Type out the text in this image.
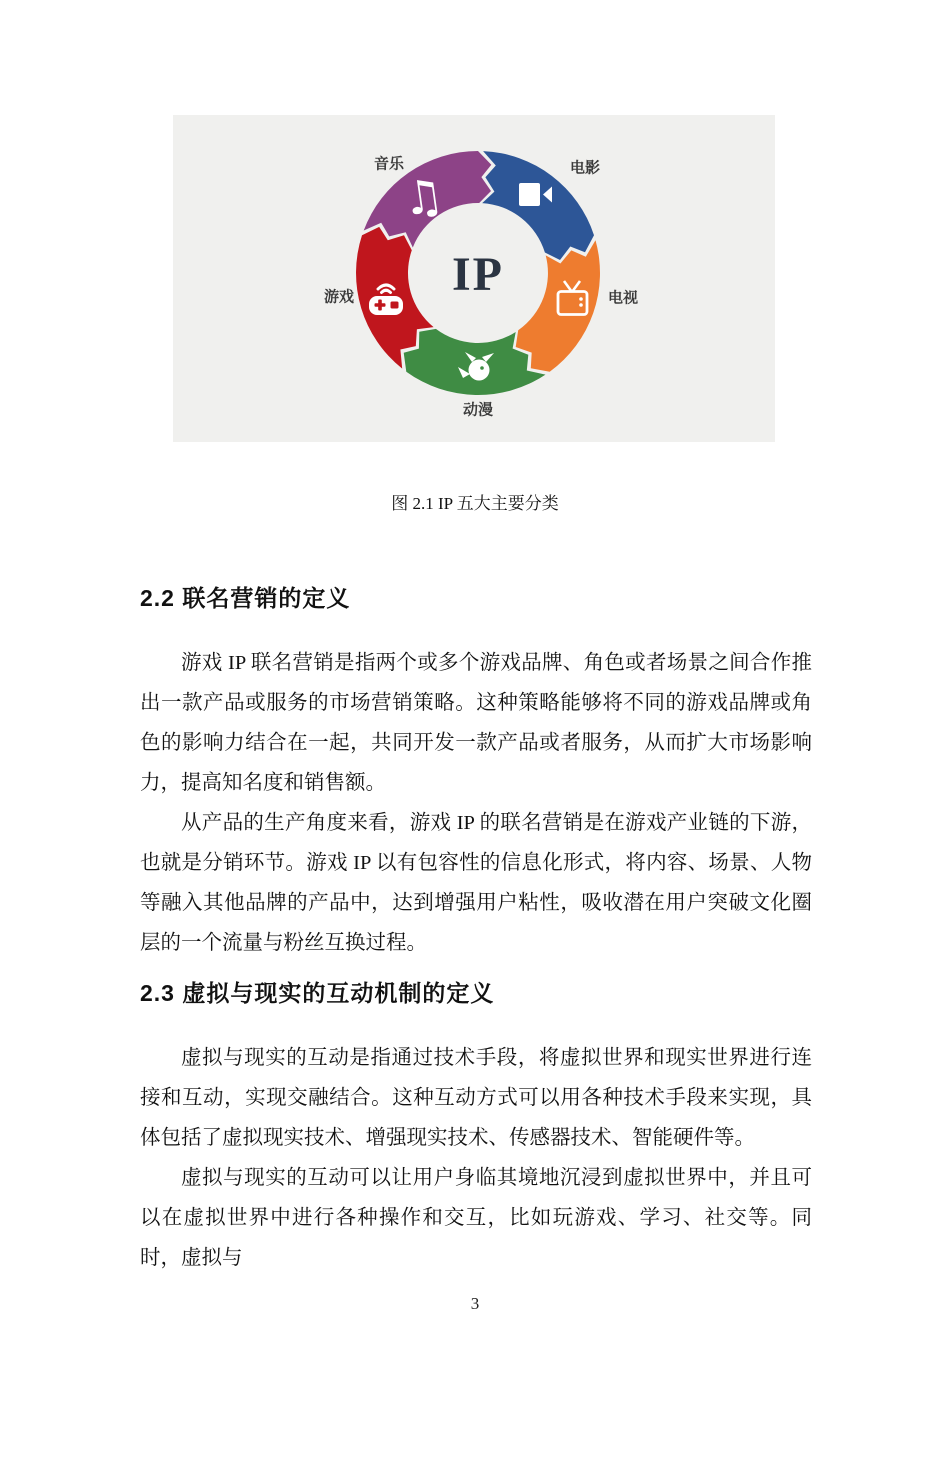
♫
IP
电影
电视
动漫
游戏
音乐
图 2.1 IP 五大主要分类
2.2 联名营销的定义

游戏 IP 联名营销是指两个或多个游戏品牌、角色或者场景之间合作推出一款产品或服务的市场营销策略。这种策略能够将不同的游戏品牌或角色的影响力结合在一起，共同开发一款产品或者服务，从而扩大市场影响力，提高知名度和销售额。

从产品的生产角度来看，游戏 IP 的联名营销是在游戏产业链的下游，也就是分销环节。游戏 IP 以有包容性的信息化形式，将内容、场景、人物等融入其他品牌的产品中，达到增强用户粘性，吸收潜在用户突破文化圈层的一个流量与粉丝互换过程。

2.3 虚拟与现实的互动机制的定义

虚拟与现实的互动是指通过技术手段，将虚拟世界和现实世界进行连接和互动，实现交融结合。这种互动方式可以用各种技术手段来实现，具体包括了虚拟现实技术、增强现实技术、传感器技术、智能硬件等。

虚拟与现实的互动可以让用户身临其境地沉浸到虚拟世界中，并且可以在虚拟世界中进行各种操作和交互，比如玩游戏、学习、社交等。同时，虚拟与

3
